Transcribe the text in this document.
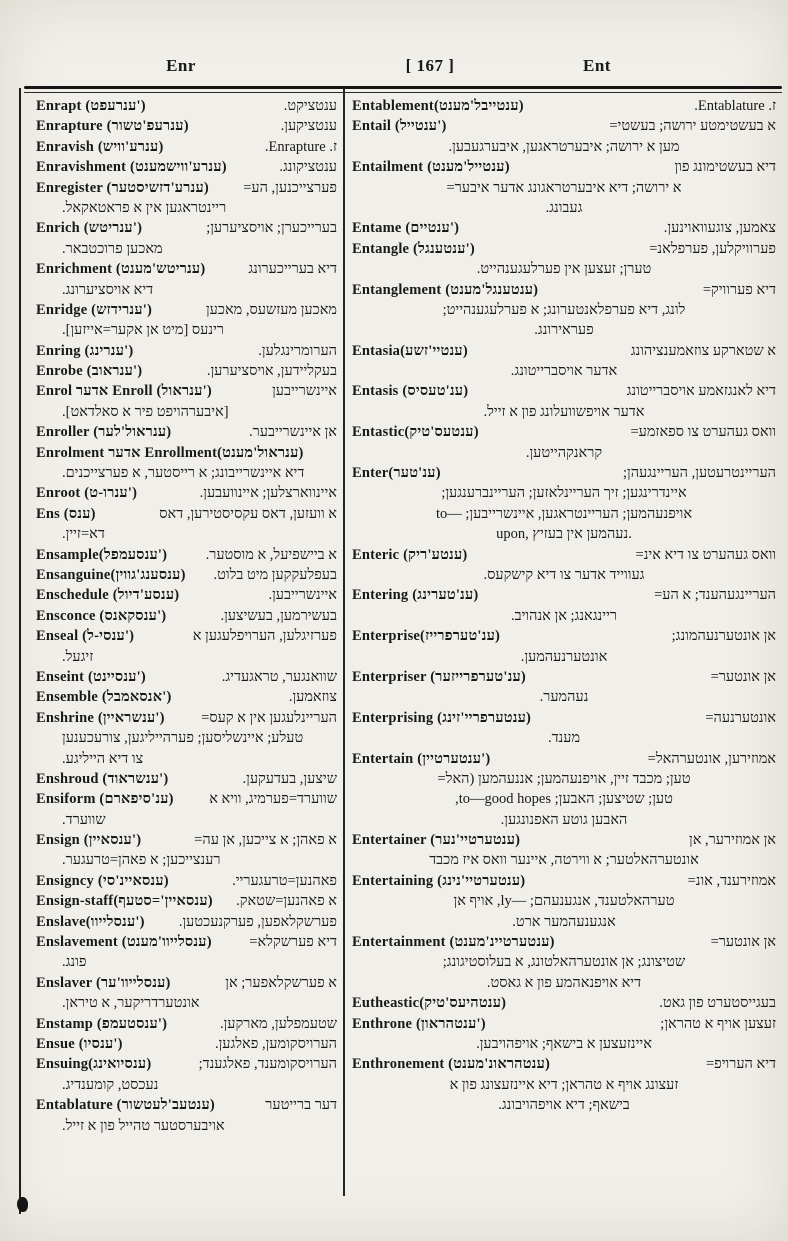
Enr	[ 167 ]	Ent
Enrapt (ענרעפט')	ענטציקט.
Enrapture (ענרעפ'טשור)	ענטציקען.
Enravish (ענרע'וויש)	ז. Enrapture.
Enravishment (ענרע'ווישמענט)	ענטציקונג.
Enregister (ענרע'דזשיסטער) פערצייכנען, הע=
ריינטראגען אין א פראטאקאל.
Enrich (ענריטש')	בערייכערן; אויסציערען;
מאכען פרוכטבאר.
Enrichment (ענריטש'מענט)	דיא בערייכערונג
דיא אויסציערונג.
Enridge (ענרידזש')	מאכען מעזשעס, מאכען
רינעס [מיט אן אקער=אייזען].
Enring (ענרינג')	הערומרינגלען.
Enrobe (ענראוב')	בעקליידען, אויסציערען.
Enrol אדער Enroll (ענראול')	איינשרייבען
[איבערהויפט פיר א סאלדאט].
Enroller (ענראול'לער)	אן איינשרייבער.
Enrolment אדער Enrollment(ענראול'מענט)
דיא איינשרייבונג; א רייסטער, א פערצייכנים.
Enroot (ענרו-ט')	איינווארצלען; איינוועבען.
Ens (ענס)	א וועזען, דאס עקסיסטירען, דאס
דא=זיין.
Ensample(ענסעמפל')	א ביישפיעל, א מוסטער.
Ensanguine(ענסענג'גווין) בעפלעקקען מיט בלוט.
Enschedule (ענסע'דיול)	איינשרייבען.
Ensconce (ענסקאנס')	בעשירמען, בעשיצען.
Enseal (ענסי-ל')	פערזיגלען, הערויפלעגען א
זיגעל.
Enseint (ענסיינט')	שוואנגער, טראגעדיג.
Ensemble (אנסאמבל')	צוזאמען.
Enshrine (ענשראיין')	העריינלעגען אין א קעס=
טעלע; איינשליסען; פערהייליגען, צורעכענען
צו דיא הייליגע.
Enshroud (ענשראוד')	שיצען, בעדעקען.
Ensiform (ענ'סיפארם) שווערד=פערמיג, וויא א
שווערד.
Ensign (ענסאיין')	א פאהן; א צייכען, אן עה=
רענצייכען; א פאהן=טרעגער.
Ensigncy (ענסאיינ'סי)	פאהנען=טרעגעריי.
Ensign-staff(ענסאיין'=סטעף) א פאהנען=שטאק.
Enslave(ענסלייוו') פערשקלאפען, פערקנעכטען.
Enslavement (ענסלייוו'מענט)	דיא פערשקלא=
פונג.
Enslaver (ענסלייוו'ער)	א פערשקלאפער; אן
אונטערדריקער, א טיראן.
Enstamp (ענסטעמפ')	שטעמפלען, מארקען.
Ensue (ענסיו')	הערויסקומען, פאלגען.
Ensuing(ענסיואינג)	הערויסקומענד, פאלגענד;
נעכסט, קומענדיג.
Entablature (ענטעב'לעטשור)	דער ברייטער
אויבערסטער טהייל פון א זייל.
Entablement(ענטייבל'מענט)	ז. Entablature.
Entail (ענטייל')	א בעשטימטע ירושה; בעשטי=
מען א ירושה; איבערטראגען, איבערגעבען.
Entailment (ענטייל'מענט)	דיא בעשטימונג פון
א ירושה; דיא איבערטראגונג אדער איבער=
געבונג.
Entame (ענטיים')	צאמען, צוגעוואוינען.
Entangle (ענטענגל')	פערוויקלען, פערפלאנ=
טערן; זעצען אין פערלעגענהייט.
Entanglement (ענטענגל'מענט)	דיא פערוויק=
לונג, דיא פערפלאנטערונג; א פערלעגענהייט;
פעראירונג.
Entasia(ענטיי'זשע)	א שטארקע צוזאמענציהונג
אדער אויסברייטונג.
Entasis (ענ'טעסיס)	דיא לאנגזאמע אויסברייטונג
אדער אויפשוועלונג פון א זייל.
Entastic(ענטעס'טיק)	וואס געהערט צו ספאזמע=
קראנקהייטען.
Enter(ענ'טער)	העריינטרעטען, העריינגעהן;
איינדרינגען; זיך העריינלאזען; העריינברענגען;
אויפנעהמען; העריינטראגען, איינשרייבען; —to
upon, נעהמען אין בעזיץ.
Enteric (ענטע'ריק)	וואס געהערט צו דיא אינ=
געווייד אדער צו דיא קישקעס.
Entering (ענ'טערינג)	העריינגעהענד; א הע=
ריינגאנג; אן אנהויב.
Enterprise(ענ'טערפרייז)	אן אונטערנעהמונג;
אונטערנעהמען.
Enterpriser (ענ'טערפרייזער)	אן אונטער=
נעהמער.
Enterprising (ענטערפריי'זינג)	אונטערנעה=
מענד.
Entertain (ענטערטיין')	אמוזירען, אונטערהאל=
טען; מכבד זיין, אויפנעהמען; אננעהמען (האל=
טען; שטיצען; האבען; to—good hopes,
האבען גוטע האפנונגען.
Entertainer (ענטערטיי'נער)	אן אמוזירער, אן
אונטערהאלטער; א ווירטה, איינער וואס איז מכבד
Entertaining (ענטערטיי'נינג)	אמוזירענד, אונ=
טערהאלטענד, אנגענעהם; —ly, אויף אן
אנגענעהמער ארט.
Entertainment (ענטערטיינ'מענט)	אן אונטער=
שטיצונג; אן אונטערהאלטונג, א בעלוסטיגונג;
דיא אויפנאהמע פון א גאסט.
Eutheastic(ענטהיעס'טיק)	בעגייסטערט פון גאט.
Enthrone (ענטהראון')	זעצען אויף א טהראן;
איינזעצען א בישאף; אויפהויבען.
Enthronement (ענטהראונ'מענט)	דיא הערויפ=
זעצונג אויף א טהראן; דיא איינזעצונג פון א
בישאף; דיא אויפהויבונג.
